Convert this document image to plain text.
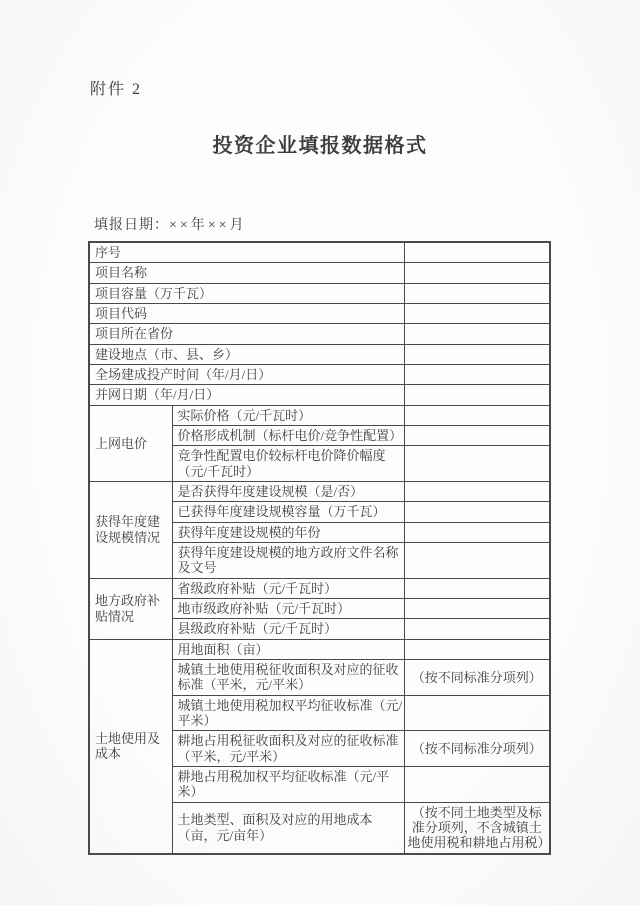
附件 2
投资企业填报数据格式
填报日期：××年××月
序号		
项目名称		
项目容量（万千瓦）		
项目代码		
项目所在省份		
建设地点（市、县、乡）		
全场建成投产时间（年/月/日）		
并网日期（年/月/日）		
上网电价	实际价格（元/千瓦时）	
	价格形成机制（标杆电价/竞争性配置）	
	竞争性配置电价较标杆电价降价幅度（元/千瓦时）	
获得年度建设规模情况	是否获得年度建设规模（是/否）	
	已获得年度建设规模容量（万千瓦）	
	获得年度建设规模的年份	
	获得年度建设规模的地方政府文件名称及文号	
地方政府补贴情况	省级政府补贴（元/千瓦时）	
	地市级政府补贴（元/千瓦时）	
	县级政府补贴（元/千瓦时）	
土地使用及成本	用地面积（亩）	
	城镇土地使用税征收面积及对应的征收标准（平米，元/平米）	（按不同标准分项列）
	城镇土地使用税加权平均征收标准（元/平米）	
	耕地占用税征收面积及对应的征收标准（平米，元/平米）	（按不同标准分项列）
	耕地占用税加权平均征收标准（元/平米）	
	土地类型、面积及对应的用地成本（亩，元/亩年）	（按不同土地类型及标准分项列，不含城镇土地使用税和耕地占用税）
